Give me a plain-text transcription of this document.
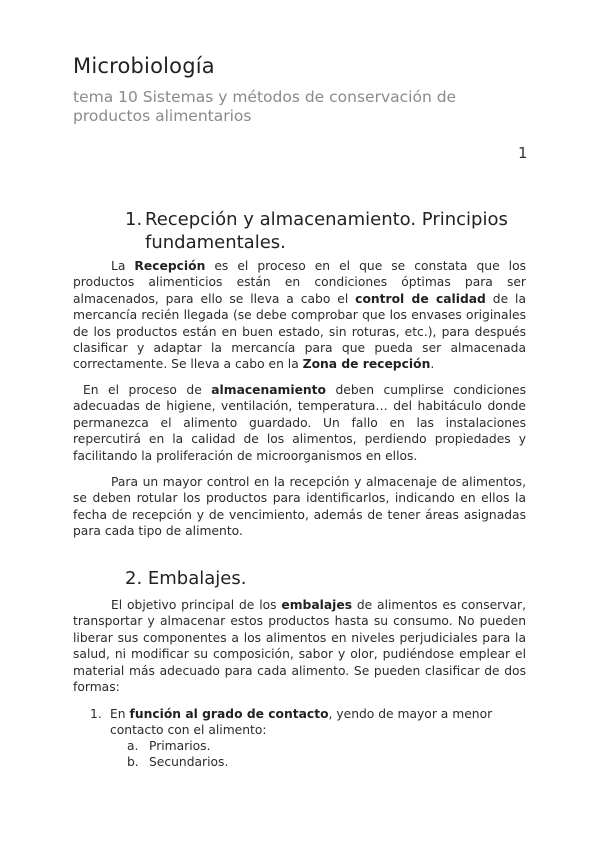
Microbiología
tema 10 Sistemas y métodos de conservación de productos alimentarios
1
1. Recepción y almacenamiento. Principios
fundamentales.
La Recepción es el proceso en el que se constata que los productos alimenticios están en condiciones óptimas para ser almacenados, para ello se lleva a cabo el control de calidad de la mercancía recién llegada (se debe comprobar que los envases originales de los productos están en buen estado, sin roturas, etc.), para después clasificar y adaptar la mercancía para que pueda ser almacenada correctamente. Se lleva a cabo en la Zona de recepción.
En el proceso de almacenamiento deben cumplirse condiciones adecuadas de higiene, ventilación, temperatura… del habitáculo donde permanezca el alimento guardado. Un fallo en las instalaciones repercutirá en la calidad de los alimentos, perdiendo propiedades y facilitando la proliferación de microorganismos en ellos.
Para un mayor control en la recepción y almacenaje de alimentos, se deben rotular los productos para identificarlos, indicando en ellos la fecha de recepción y de vencimiento, además de tener áreas asignadas para cada tipo de alimento.
2. Embalajes.
El objetivo principal de los embalajes de alimentos es conservar, transportar y almacenar estos productos hasta su consumo. No pueden liberar sus componentes a los alimentos en niveles perjudiciales para la salud, ni modificar su composición, sabor y olor, pudiéndose emplear el material más adecuado para cada alimento. Se pueden clasificar de dos formas:
1. En función al grado de contacto, yendo de mayor a menor
contacto con el alimento:
a. Primarios.
b. Secundarios.
